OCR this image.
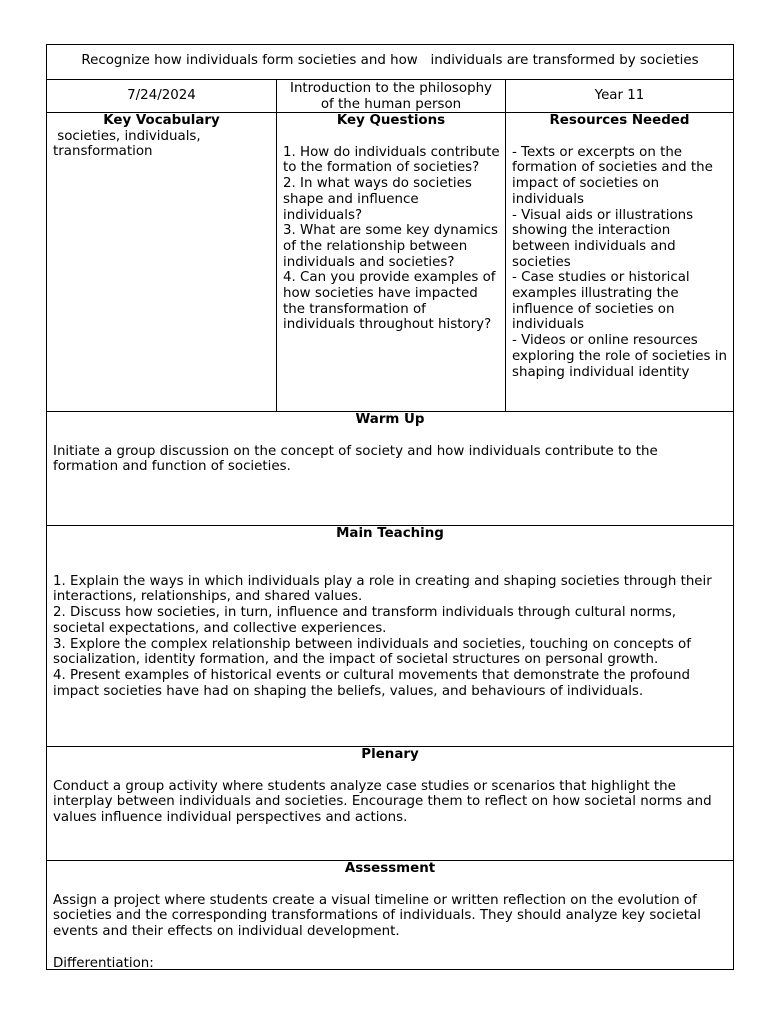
Recognize how individuals form societies and how   individuals are transformed by societies
7/24/2024	Introduction to the philosophy
of the human person
Year 11
Key Vocabulary
societies, individuals,
transformation
Key Questions
1. How do individuals contribute to the formation of societies?
2. In what ways do societies shape and influence individuals?
3. What are some key dynamics of the relationship between individuals and societies?
4. Can you provide examples of how societies have impacted the transformation of individuals throughout history?
Resources Needed
- Texts or excerpts on the formation of societies and the impact of societies on individuals
- Visual aids or illustrations showing the interaction between individuals and societies
- Case studies or historical examples illustrating the influence of societies on individuals
- Videos or online resources exploring the role of societies in shaping individual identity
Warm Up
Initiate a group discussion on the concept of society and how individuals contribute to the formation and function of societies.
Main Teaching
1. Explain the ways in which individuals play a role in creating and shaping societies through their interactions, relationships, and shared values.
2. Discuss how societies, in turn, influence and transform individuals through cultural norms, societal expectations, and collective experiences.
3. Explore the complex relationship between individuals and societies, touching on concepts of socialization, identity formation, and the impact of societal structures on personal growth.
4. Present examples of historical events or cultural movements that demonstrate the profound impact societies have had on shaping the beliefs, values, and behaviours of individuals.
Plenary
Conduct a group activity where students analyze case studies or scenarios that highlight the interplay between individuals and societies. Encourage them to reflect on how societal norms and values influence individual perspectives and actions.
Assessment
Assign a project where students create a visual timeline or written reflection on the evolution of societies and the corresponding transformations of individuals. They should analyze key societal events and their effects on individual development.
Differentiation:
